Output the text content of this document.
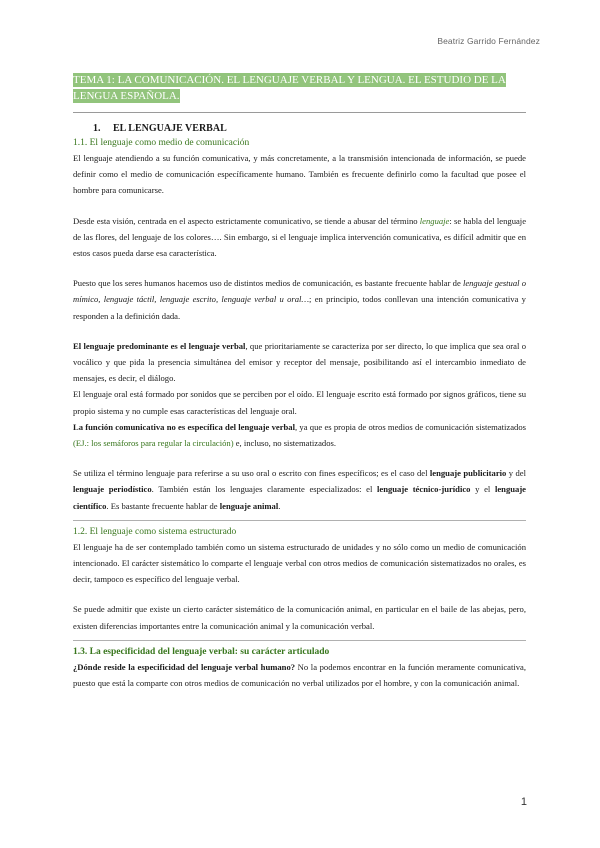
Beatriz Garrido Fernández

TEMA 1: LA COMUNICACIÓN. EL LENGUAJE VERBAL Y LENGUA. EL ESTUDIO DE LA LENGUA ESPAÑOLA.

1. EL LENGUAJE VERBAL
1.1. El lenguaje como medio de comunicación

El lenguaje atendiendo a su función comunicativa, y más concretamente, a la transmisión intencionada de información, se puede definir como el medio de comunicación específicamente humano. También es frecuente definirlo como la facultad que posee el hombre para comunicarse.

Desde esta visión, centrada en el aspecto estrictamente comunicativo, se tiende a abusar del término lenguaje: se habla del lenguaje de las flores, del lenguaje de los colores…. Sin embargo, si el lenguaje implica intervención comunicativa, es difícil admitir que en estos casos pueda darse esa característica.

Puesto que los seres humanos hacemos uso de distintos medios de comunicación, es bastante frecuente hablar de lenguaje gestual o mímico, lenguaje táctil, lenguaje escrito, lenguaje verbal u oral…; en principio, todos conllevan una intención comunicativa y responden a la definición dada.

El lenguaje predominante es el lenguaje verbal, que prioritariamente se caracteriza por ser directo, lo que implica que sea oral o vocálico y que pida la presencia simultánea del emisor y receptor del mensaje, posibilitando así el intercambio inmediato de mensajes, es decir, el diálogo.

El lenguaje oral está formado por sonidos que se perciben por el oído. El lenguaje escrito está formado por signos gráficos, tiene su propio sistema y no cumple esas características del lenguaje oral.

La función comunicativa no es específica del lenguaje verbal, ya que es propia de otros medios de comunicación sistematizados (EJ.: los semáforos para regular la circulación) e, incluso, no sistematizados.

Se utiliza el término lenguaje para referirse a su uso oral o escrito con fines específicos; es el caso del lenguaje publicitario y del lenguaje periodístico. También están los lenguajes claramente especializados: el lenguaje técnico-jurídico y el lenguaje científico. Es bastante frecuente hablar de lenguaje animal.

1.2. El lenguaje como sistema estructurado

El lenguaje ha de ser contemplado también como un sistema estructurado de unidades y no sólo como un medio de comunicación intencionado. El carácter sistemático lo comparte el lenguaje verbal con otros medios de comunicación sistematizados no orales, es decir, tampoco es específico del lenguaje verbal.

Se puede admitir que existe un cierto carácter sistemático de la comunicación animal, en particular en el baile de las abejas, pero, existen diferencias importantes entre la comunicación animal y la comunicación verbal.

1.3. La especificidad del lenguaje verbal: su carácter articulado

¿Dónde reside la especificidad del lenguaje verbal humano? No la podemos encontrar en la función meramente comunicativa, puesto que está la comparte con otros medios de comunicación no verbal utilizados por el hombre, y con la comunicación animal.

1
